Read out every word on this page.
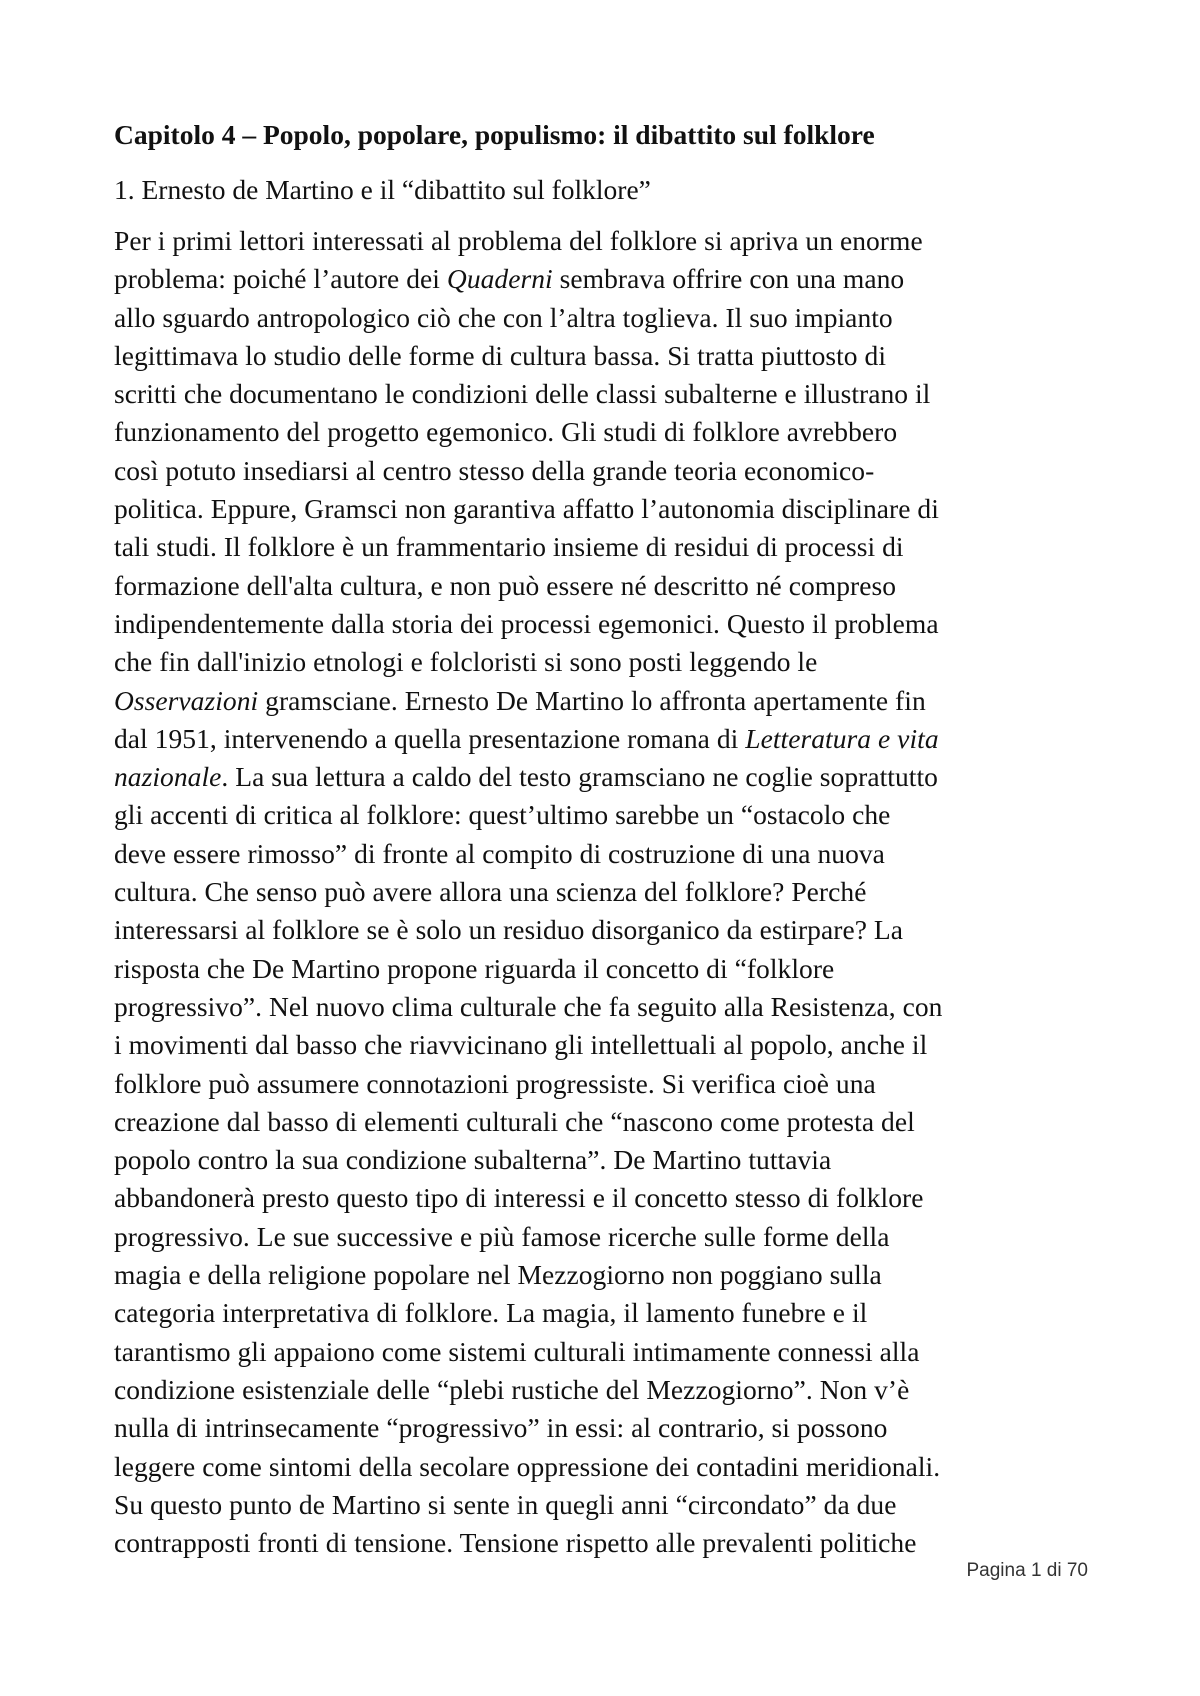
Capitolo 4 – Popolo, popolare, populismo: il dibattito sul folklore
1. Ernesto de Martino e il “dibattito sul folklore”

Per i primi lettori interessati al problema del folklore si apriva un enorme
problema: poiché l’autore dei Quaderni sembrava offrire con una mano
allo sguardo antropologico ciò che con l’altra toglieva. Il suo impianto
legittimava lo studio delle forme di cultura bassa. Si tratta piuttosto di
scritti che documentano le condizioni delle classi subalterne e illustrano il
funzionamento del progetto egemonico. Gli studi di folklore avrebbero
così potuto insediarsi al centro stesso della grande teoria economico-
politica. Eppure, Gramsci non garantiva affatto l’autonomia disciplinare di
tali studi. Il folklore è un frammentario insieme di residui di processi di
formazione dell'alta cultura, e non può essere né descritto né compreso
indipendentemente dalla storia dei processi egemonici. Questo il problema
che fin dall'inizio etnologi e folcloristi si sono posti leggendo le
Osservazioni gramsciane. Ernesto De Martino lo affronta apertamente fin
dal 1951, intervenendo a quella presentazione romana di Letteratura e vita
nazionale. La sua lettura a caldo del testo gramsciano ne coglie soprattutto
gli accenti di critica al folklore: quest’ultimo sarebbe un “ostacolo che
deve essere rimosso” di fronte al compito di costruzione di una nuova
cultura. Che senso può avere allora una scienza del folklore? Perché
interessarsi al folklore se è solo un residuo disorganico da estirpare? La
risposta che De Martino propone riguarda il concetto di “folklore
progressivo”. Nel nuovo clima culturale che fa seguito alla Resistenza, con
i movimenti dal basso che riavvicinano gli intellettuali al popolo, anche il
folklore può assumere connotazioni progressiste. Si verifica cioè una
creazione dal basso di elementi culturali che “nascono come protesta del
popolo contro la sua condizione subalterna”. De Martino tuttavia
abbandonerà presto questo tipo di interessi e il concetto stesso di folklore
progressivo. Le sue successive e più famose ricerche sulle forme della
magia e della religione popolare nel Mezzogiorno non poggiano sulla
categoria interpretativa di folklore. La magia, il lamento funebre e il
tarantismo gli appaiono come sistemi culturali intimamente connessi alla
condizione esistenziale delle “plebi rustiche del Mezzogiorno”. Non v’è
nulla di intrinsecamente “progressivo” in essi: al contrario, si possono
leggere come sintomi della secolare oppressione dei contadini meridionali.
Su questo punto de Martino si sente in quegli anni “circondato” da due
contrapposti fronti di tensione. Tensione rispetto alle prevalenti politiche

Pagina 1 di 70
